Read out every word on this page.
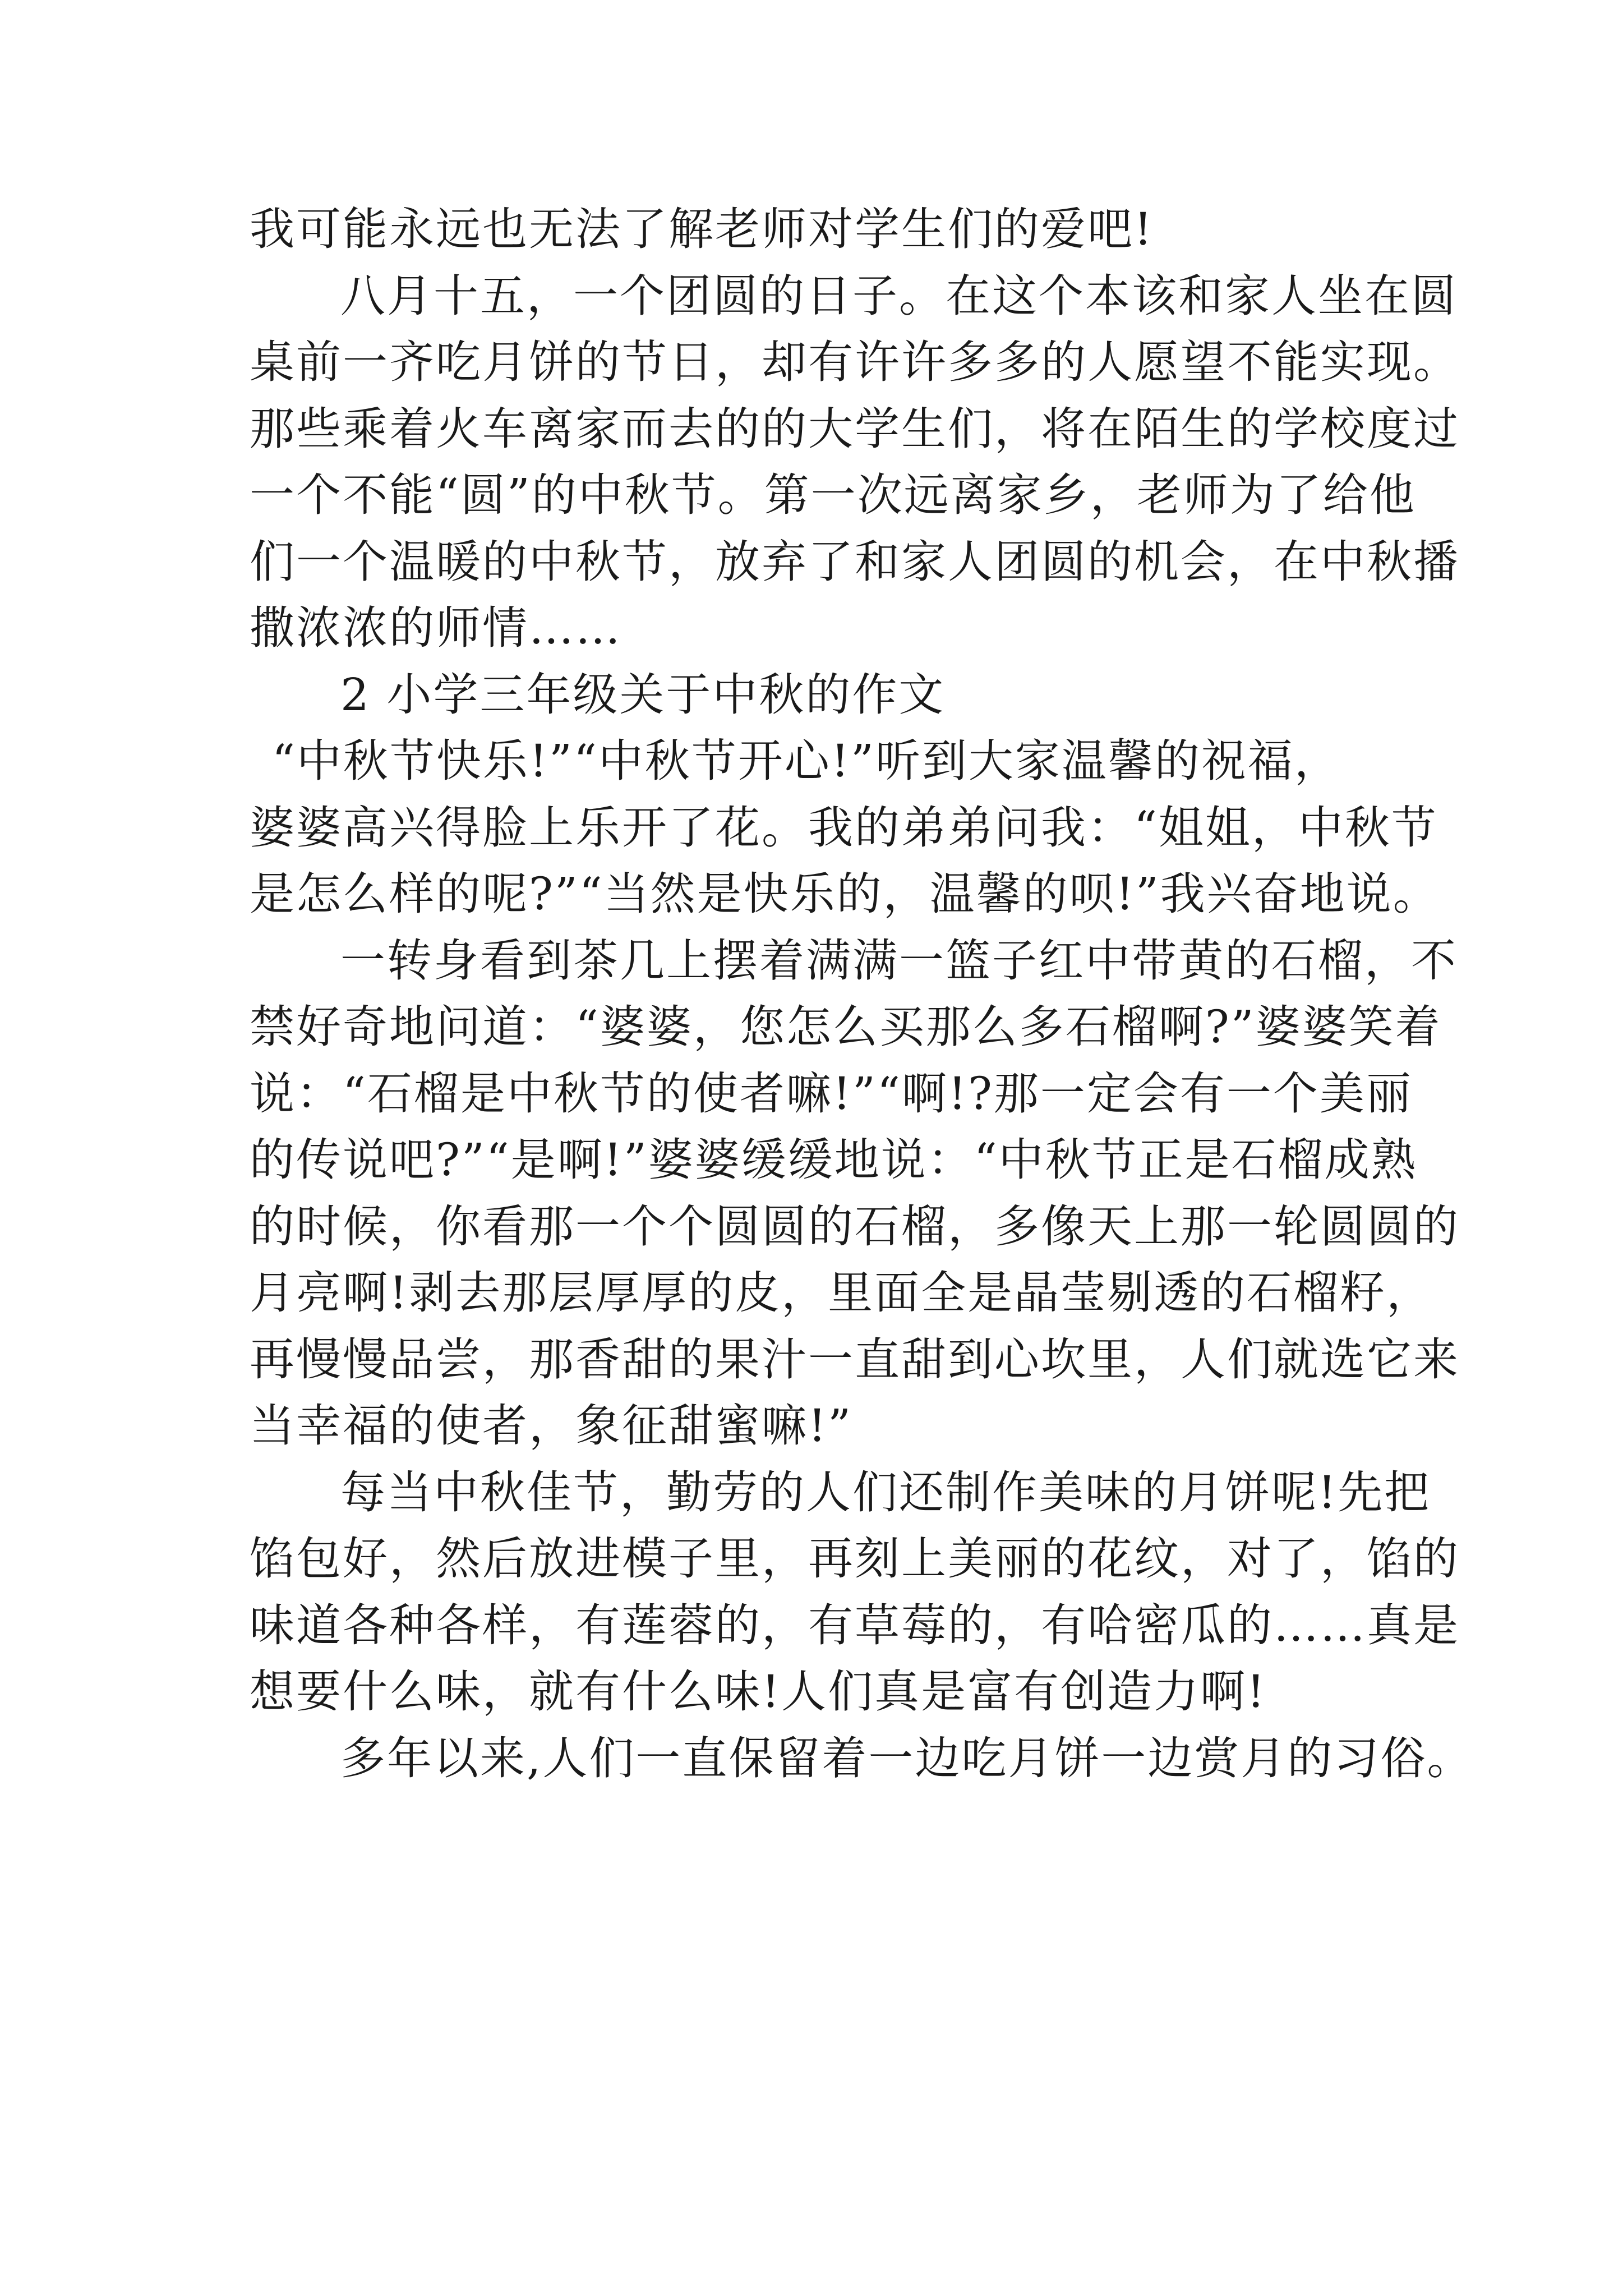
我可能永远也无法了解老师对学生们的爱吧!
八月十五，一个团圆的日子。在这个本该和家人坐在圆
桌前一齐吃月饼的节日，却有许许多多的人愿望不能实现。
那些乘着火车离家而去的的大学生们，将在陌生的学校度过
一个不能“圆”的中秋节。第一次远离家乡，老师为了给他
们一个温暖的中秋节，放弃了和家人团圆的机会，在中秋播
撒浓浓的师情……
2 小学三年级关于中秋的作文
“中秋节快乐!”“中秋节开心!”听到大家温馨的祝福，
婆婆高兴得脸上乐开了花。我的弟弟问我：“姐姐，中秋节
是怎么样的呢?”“当然是快乐的，温馨的呗!”我兴奋地说。
一转身看到茶几上摆着满满一篮子红中带黄的石榴，不
禁好奇地问道：“婆婆，您怎么买那么多石榴啊?”婆婆笑着
说：“石榴是中秋节的使者嘛!”“啊!?那一定会有一个美丽
的传说吧?”“是啊!”婆婆缓缓地说：“中秋节正是石榴成熟
的时候，你看那一个个圆圆的石榴，多像天上那一轮圆圆的
月亮啊!剥去那层厚厚的皮，里面全是晶莹剔透的石榴籽，
再慢慢品尝，那香甜的果汁一直甜到心坎里，人们就选它来
当幸福的使者，象征甜蜜嘛!”
每当中秋佳节，勤劳的人们还制作美味的月饼呢!先把
馅包好，然后放进模子里，再刻上美丽的花纹，对了，馅的
味道各种各样，有莲蓉的，有草莓的，有哈密瓜的……真是
想要什么味，就有什么味!人们真是富有创造力啊!
多年以来,人们一直保留着一边吃月饼一边赏月的习俗。
